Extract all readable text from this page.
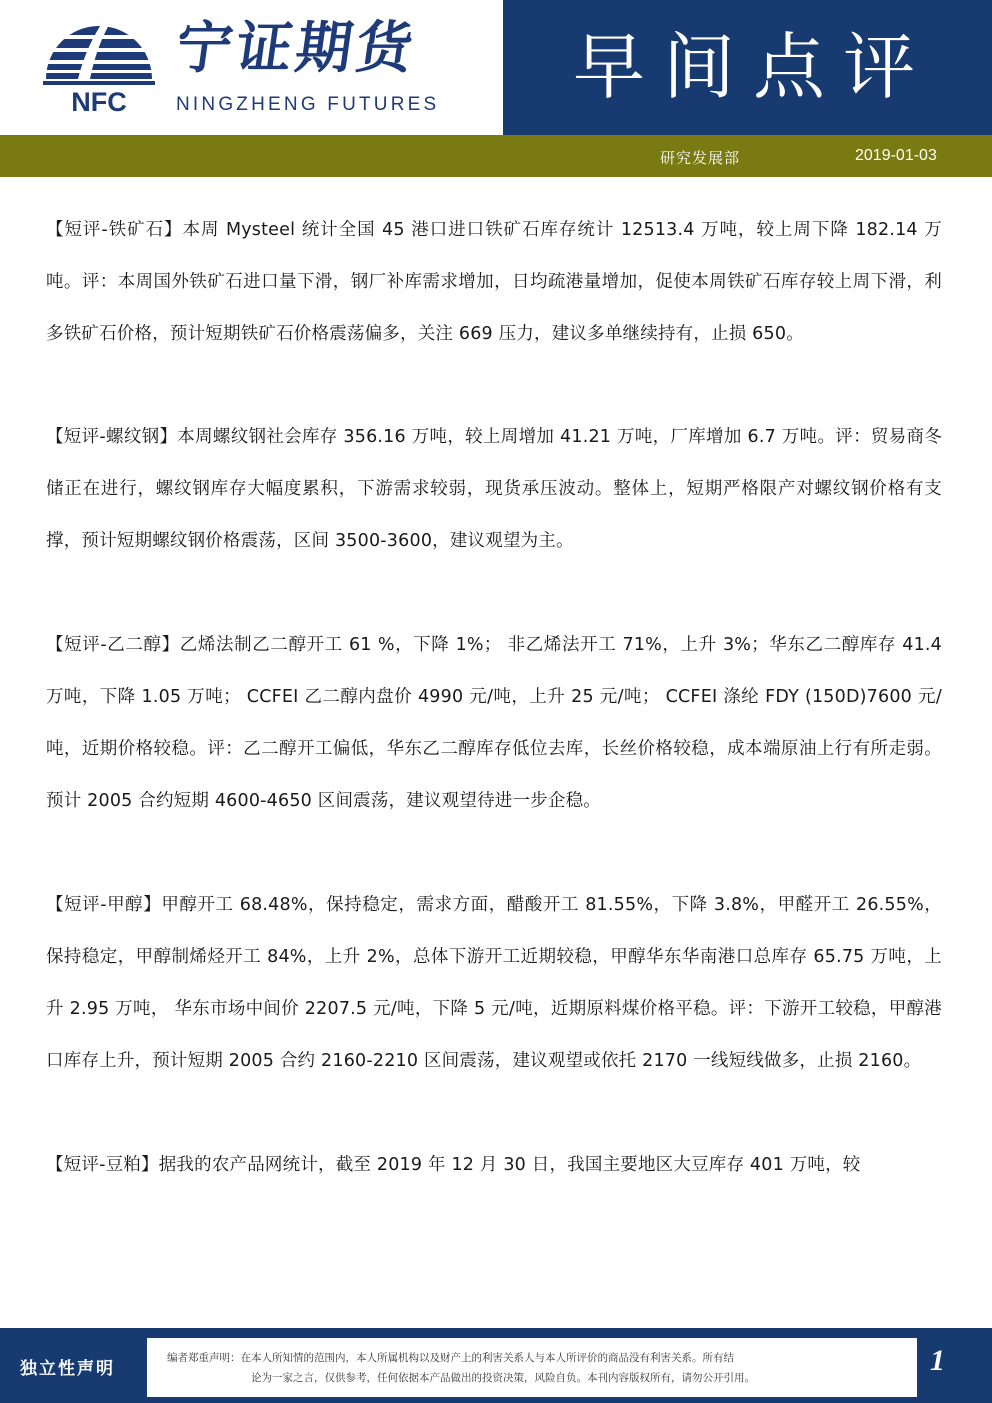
NFC
宁证期货
NINGZHENG FUTURES 早间点评
研究发展部	2019-01-03

【短评-铁矿石】本周 Mysteel 统计全国 45 港口进口铁矿石库存统计 12513.4 万吨，较上周下降 182.14 万吨。评：本周国外铁矿石进口量下滑，钢厂补库需求增加，日均疏港量增加，促使本周铁矿石库存较上周下滑，利多铁矿石价格，预计短期铁矿石价格震荡偏多，关注 669 压力，建议多单继续持有，止损 650。

【短评-螺纹钢】本周螺纹钢社会库存 356.16 万吨，较上周增加 41.21 万吨，厂库增加 6.7 万吨。评：贸易商冬储正在进行，螺纹钢库存大幅度累积，下游需求较弱，现货承压波动。整体上，短期严格限产对螺纹钢价格有支撑，预计短期螺纹钢价格震荡，区间 3500-3600，建议观望为主。

【短评-乙二醇】乙烯法制乙二醇开工 61 %，下降 1%； 非乙烯法开工 71%，上升 3%；华东乙二醇库存 41.4 万吨，下降 1.05 万吨； CCFEI 乙二醇内盘价 4990 元/吨，上升 25 元/吨； CCFEI 涤纶 FDY (150D)7600 元/吨，近期价格较稳。评：乙二醇开工偏低，华东乙二醇库存低位去库，长丝价格较稳，成本端原油上行有所走弱。预计 2005 合约短期 4600-4650 区间震荡，建议观望待进一步企稳。

【短评-甲醇】甲醇开工 68.48%，保持稳定，需求方面，醋酸开工 81.55%，下降 3.8%，甲醛开工 26.55%，保持稳定，甲醇制烯烃开工 84%，上升 2%，总体下游开工近期较稳，甲醇华东华南港口总库存 65.75 万吨，上升 2.95 万吨， 华东市场中间价 2207.5 元/吨，下降 5 元/吨，近期原料煤价格平稳。评：下游开工较稳，甲醇港口库存上升，预计短期 2005 合约 2160-2210 区间震荡，建议观望或依托 2170 一线短线做多，止损 2160。

【短评-豆粕】据我的农产品网统计，截至 2019 年 12 月 30 日，我国主要地区大豆库存 401 万吨，较

独立性声明
编者郑重声明：在本人所知情的范围内，本人所属机构以及财产上的利害关系人与本人所评价的商品没有利害关系。所有结
论为一家之言，仅供参考，任何依据本产品做出的投资决策，风险自负。本刊内容版权所有，请勿公开引用。
1
